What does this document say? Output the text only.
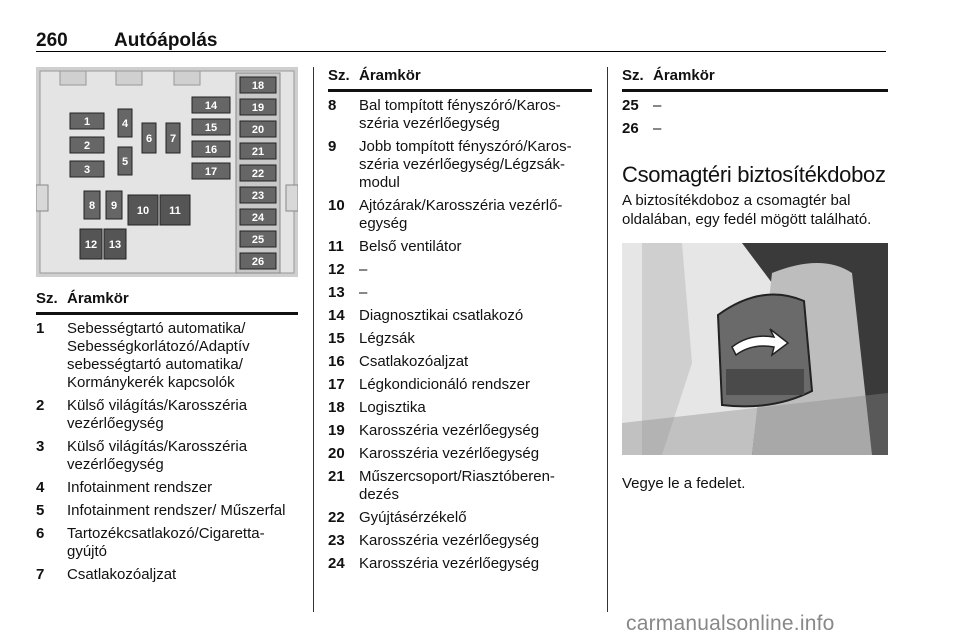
260 Autóápolás
1
2
3
4
5
6 7
8 9 10 11
12 13
14
15
16
17
18
19
20
21
22
23
24
25
26
Sz. Áramkör
1 Sebességtartó automatika/ Sebességkorlátozó/Adaptív sebességtartó automatika/ Kormánykerék kapcsolók
2 Külső világítás/Karosszéria vezérlőegység
3 Külső világítás/Karosszéria vezérlőegység
4 Infotainment rendszer
5 Infotainment rendszer/ Műszerfal
6 Tartozékcsatlakozó/Cigaretta- gyújtó
7 Csatlakozóaljzat
Sz. Áramkör
8 Bal tompított fényszóró/Karos- széria vezérlőegység
9 Jobb tompított fényszóró/Karos- széria vezérlőegység/Légzsák- modul
10 Ajtózárak/Karosszéria vezérlő- egység
11 Belső ventilátor
12 –
13 –
14 Diagnosztikai csatlakozó
15 Légzsák
16 Csatlakozóaljzat
17 Légkondicionáló rendszer
18 Logisztika
19 Karosszéria vezérlőegység
20 Karosszéria vezérlőegység
21 Műszercsoport/Riasztóberen- dezés
22 Gyújtásérzékelő
23 Karosszéria vezérlőegység
24 Karosszéria vezérlőegység
Sz. Áramkör
25 –
26 –
Csomagtéri biztosítékdoboz
A biztosítékdoboz a csomagtér bal oldalában, egy fedél mögött található.
Vegye le a fedelet.
carmanualsonline.info
